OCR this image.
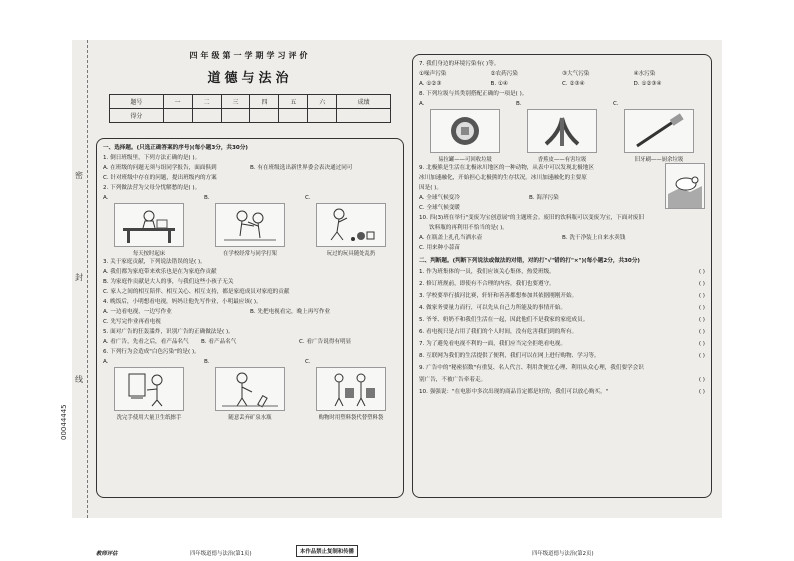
密
封
线
00044445
四年级第一学期学习评价
道德与法治
题号	一	二	三	四	五	六	成绩
得分							
一、选择题。(只选正确答案的序号)(每小题3分，共30分)
1. 倒日班级里，下列方法正确的是( )。
A. 在班级的问题无须与组同学报告，面面俱到	B. 有在班级选出新世界委会表决通过同可
C. 针对班级中存在的问题，提出班级内的方案
2. 下列做法营为父母分忧解愁的是( )。
A.
每天按时起床
B.
在学校经常与同学打架
C.
玩过的玩具随处乱扔
3. 关于家庭贡献，下列说法错误的是( )。
A. 我们都为家庭带来欢乐也是在为家庭作贡献
B. 为家庭作贡献是大人的事，与我们这些小孩子无关
C. 家人之间的相互陪伴、相互关心、相互支持，都是家庭成员对家庭的贡献
4. 晚饭后，小明想看电视，妈妈让他先写作业，小明最应该( )。
A. 一边看电视，一边写作业	B. 先把电视看完，晚上再写作业
C. 先写完作业再看电视
5. 面对广告的狂轰滥炸，识别广告的正确做法是( )。
A. 看广告，先看之后，看产品名气	B. 看产品名气	C. 看广告说得有明显
6. 下列行为会造成"白色污染"的是( )。
A.
洗完手使用大量卫生纸擦手
B.
随意丢弃矿泉水瓶
C.
购物时用塑料袋代替塑料袋
7. 我们身边的环境污染有( )等。
①噪声污染	②农药污染	③大气污染	④水污染
A. ①②③	B. ①④	C. ②③④	D. ①②③④
8. 下列垃圾与其类别搭配正确的一项是( )。
A.
易拉罐——可回收垃圾
B.
香蕉皮——有害垃圾
C.
旧牙刷——厨余垃圾
9. 北极熊是生活在北极冰川地区的一种动物，从表中可以发现北极地区
冰川加速融化，开始担心北极熊的生存状况。冰川加速融化的主要原
因是( )。
A. 全球气候变冷	B. 海洋污染
C. 全球气候变暖
10. 四(3)班在举行"变废为宝创意展"的主题班会。废旧的饮料瓶可以变废为宝，下面对废旧
饮料瓶的再利用不恰当的是( )。
A. 在瓶盖上扎孔当洒水壶	B. 洗干净装上自来水卖钱
C. 用来种小蒜苗
二、判断题。(判断下列说法或做法的对错，对的打"√"错的打"×")(每小题2分，共30分)
1. 作为班集体的一员，我们应该关心集体，热爱班级。	( )
2. 修订班规前，即使有不合理的内容，我们也要遵守。	( )
3. 学校要举行拔河比赛，轩轩和善善都想参加其依据刚刚开始。	( )
4. 做家务要量力而行，可以先从自己力所能及的事情开始。	( )
5. 爷爷、奶奶不和我们生活在一起，因此他们不是我家的家庭成员。	( )
6. 看电视只是占用了我们的个人时间，没有危害我们到的所有。	( )
7. 为了避免看电视不利的一面，我们应当完全拒绝看电视。	( )
8. 互联网为我们的生活提供了便利，我们可以在网上进行购物、学习等。	( )
9. 广告中的"秘密招数"有重复、名人代言、利用贪便宜心理、利用从众心理，我们要学会识
别广告，不被广告牵着走。	( )
10. 强强说："在电影中多次出现的商品肯定都是好的，我们可以放心购买。"	( )
教师评估	四年级道德与法治(第1页)	本作品禁止复制和传播	四年级道德与法治(第2页)
